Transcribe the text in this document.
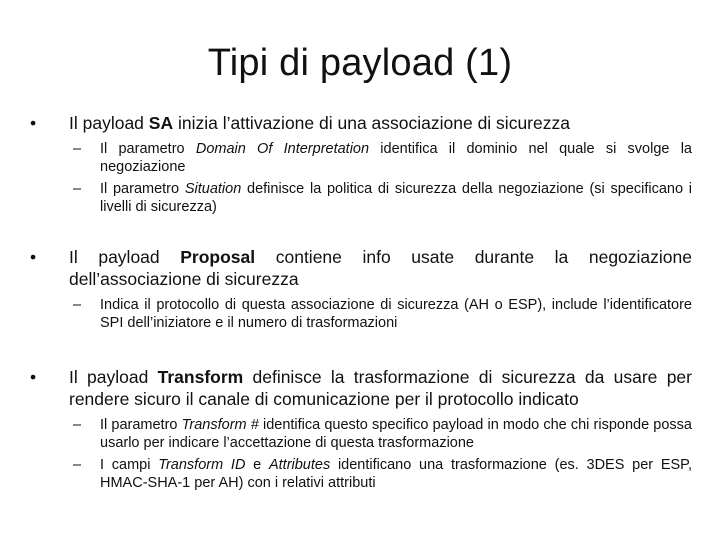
Tipi di payload (1)
• Il payload SA inizia l’attivazione di una associazione di sicurezza
– Il parametro Domain Of Interpretation identifica il dominio nel quale si svolge la negoziazione
– Il parametro Situation definisce la politica di sicurezza della negoziazione (si specificano i livelli di sicurezza)
• Il payload Proposal contiene info usate durante la negoziazione dell’associazione di sicurezza
– Indica il protocollo di questa associazione di sicurezza (AH o ESP), include l’identificatore SPI dell’iniziatore e il numero di trasformazioni
• Il payload Transform definisce la trasformazione di sicurezza da usare per rendere sicuro il canale di comunicazione per il protocollo indicato
– Il parametro Transform # identifica questo specifico payload in modo che chi risponde possa usarlo per indicare l’accettazione di questa trasformazione
– I campi Transform ID e Attributes identificano una trasformazione (es. 3DES per ESP, HMAC-SHA-1 per AH) con i relativi attributi
